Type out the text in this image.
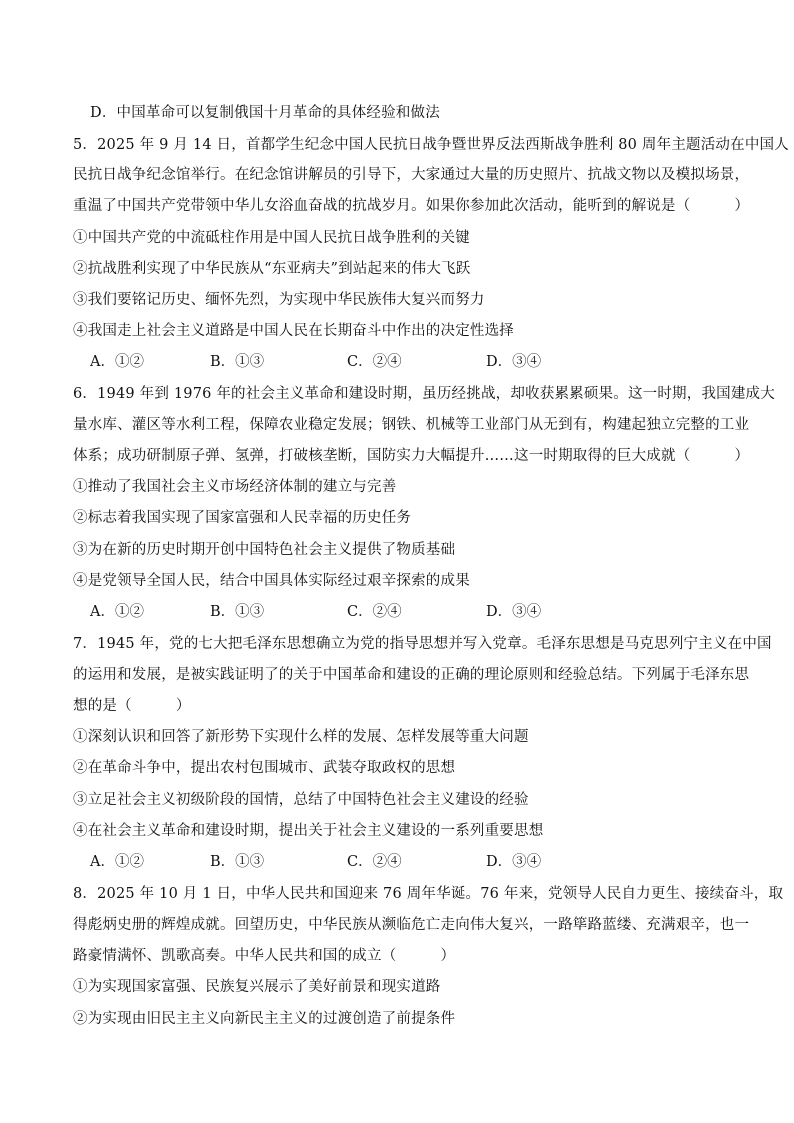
D．中国革命可以复制俄国十月革命的具体经验和做法
5．2025 年 9 月 14 日，首都学生纪念中国人民抗日战争暨世界反法西斯战争胜利 80 周年主题活动在中国人
民抗日战争纪念馆举行。在纪念馆讲解员的引导下，大家通过大量的历史照片、抗战文物以及模拟场景，
重温了中国共产党带领中华儿女浴血奋战的抗战岁月。如果你参加此次活动，能听到的解说是（　　　）
①中国共产党的中流砥柱作用是中国人民抗日战争胜利的关键
②抗战胜利实现了中华民族从“东亚病夫”到站起来的伟大飞跃
③我们要铭记历史、缅怀先烈，为实现中华民族伟大复兴而努力
④我国走上社会主义道路是中国人民在长期奋斗中作出的决定性选择
A．①②	B．①③	C．②④	D．③④
6．1949 年到 1976 年的社会主义革命和建设时期，虽历经挑战，却收获累累硕果。这一时期，我国建成大
量水库、灌区等水利工程，保障农业稳定发展；钢铁、机械等工业部门从无到有，构建起独立完整的工业
体系；成功研制原子弹、氢弹，打破核垄断，国防实力大幅提升……这一时期取得的巨大成就（　　　）
①推动了我国社会主义市场经济体制的建立与完善
②标志着我国实现了国家富强和人民幸福的历史任务
③为在新的历史时期开创中国特色社会主义提供了物质基础
④是党领导全国人民，结合中国具体实际经过艰辛探索的成果
A．①②	B．①③	C．②④	D．③④
7．1945 年，党的七大把毛泽东思想确立为党的指导思想并写入党章。毛泽东思想是马克思列宁主义在中国
的运用和发展，是被实践证明了的关于中国革命和建设的正确的理论原则和经验总结。下列属于毛泽东思
想的是（　　　）
①深刻认识和回答了新形势下实现什么样的发展、怎样发展等重大问题
②在革命斗争中，提出农村包围城市、武装夺取政权的思想
③立足社会主义初级阶段的国情，总结了中国特色社会主义建设的经验
④在社会主义革命和建设时期，提出关于社会主义建设的一系列重要思想
A．①②	B．①③	C．②④	D．③④
8．2025 年 10 月 1 日，中华人民共和国迎来 76 周年华诞。76 年来，党领导人民自力更生、接续奋斗，取
得彪炳史册的辉煌成就。回望历史，中华民族从濒临危亡走向伟大复兴，一路筚路蓝缕、充满艰辛，也一
路豪情满怀、凯歌高奏。中华人民共和国的成立（　　　）
①为实现国家富强、民族复兴展示了美好前景和现实道路
②为实现由旧民主主义向新民主主义的过渡创造了前提条件
